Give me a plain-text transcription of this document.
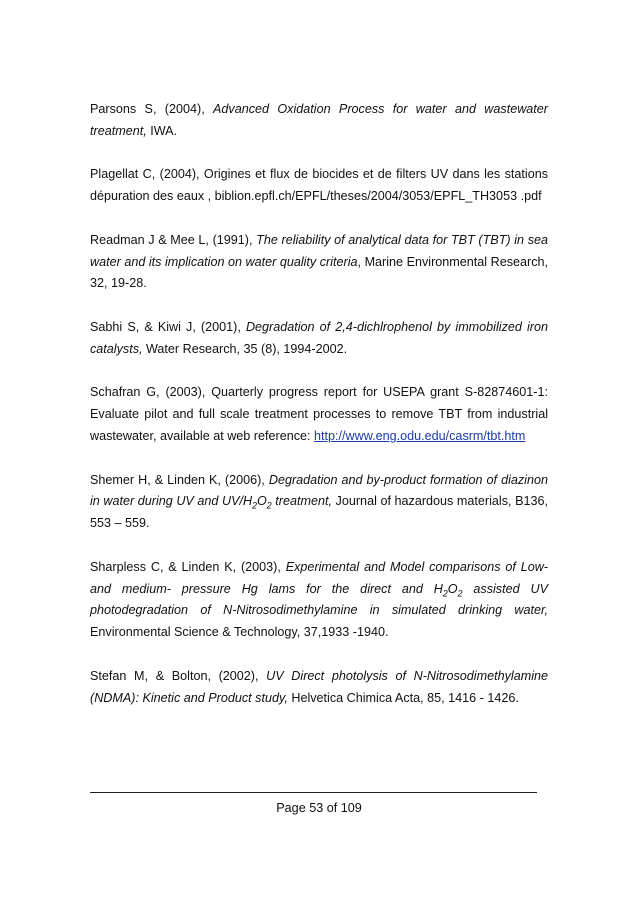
Parsons S, (2004), Advanced Oxidation Process for water and wastewater treatment, IWA.

Plagellat C, (2004), Origines et flux de biocides et de filters UV dans les stations dépuration des eaux , biblion.epfl.ch/EPFL/theses/2004/3053/EPFL_TH3053 .pdf

Readman J & Mee L, (1991), The reliability of analytical data for TBT (TBT) in sea water and its implication on water quality criteria, Marine Environmental Research, 32, 19-28.

Sabhi S, & Kiwi J, (2001), Degradation of 2,4-dichlrophenol by immobilized iron catalysts, Water Research, 35 (8), 1994-2002.

Schafran G, (2003), Quarterly progress report for USEPA grant S-82874601-1: Evaluate pilot and full scale treatment processes to remove TBT from industrial wastewater, available at web reference: http://www.eng.odu.edu/casrm/tbt.htm

Shemer H, & Linden K, (2006), Degradation and by-product formation of diazinon in water during UV and $UV/H_2O_2$ treatment, Journal of hazardous materials, B136, 553 – 559.

Sharpless C, & Linden K, (2003), Experimental and Model comparisons of Low-and medium- pressure Hg lams for the direct and $H_2O_2$ assisted UV photodegradation of N-Nitrosodimethylamine in simulated drinking water, Environmental Science & Technology, 37,1933 -1940.

Stefan M, & Bolton, (2002), UV Direct photolysis of N-Nitrosodimethylamine (NDMA): Kinetic and Product study, Helvetica Chimica Acta, 85, 1416 - 1426.

Page 53 of 109
